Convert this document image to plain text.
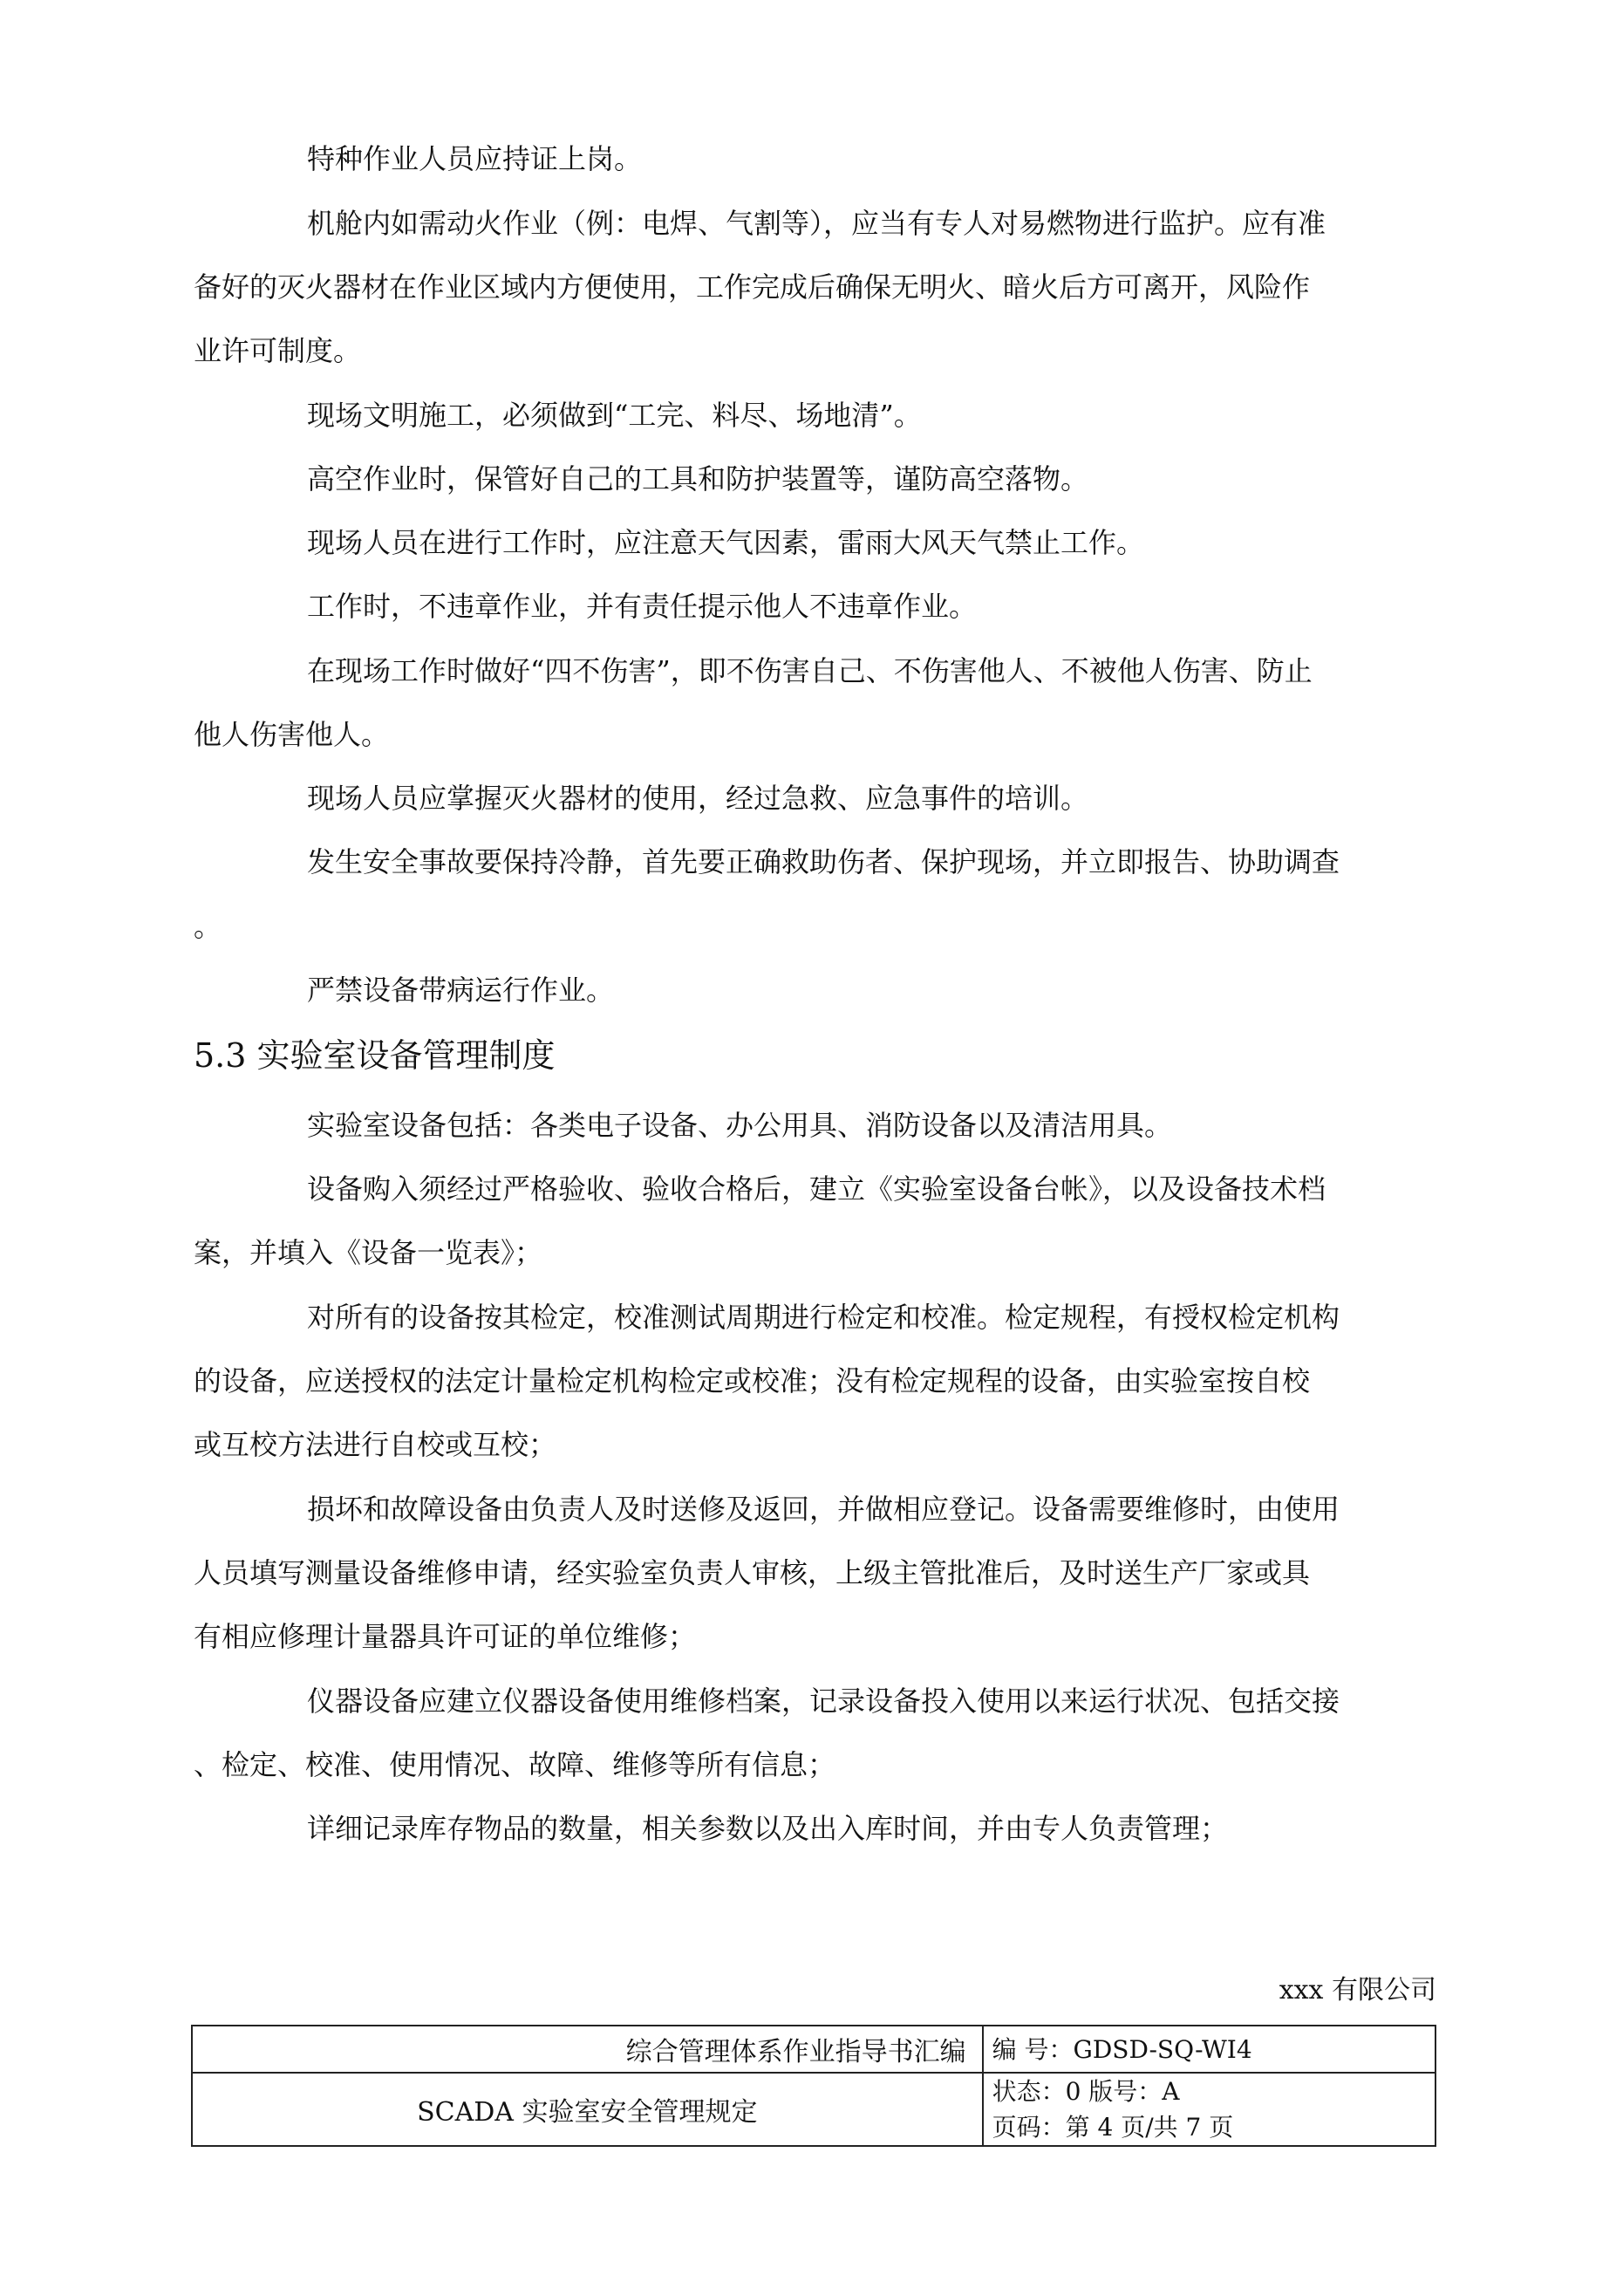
特种作业人员应持证上岗。

机舱内如需动火作业（例：电焊、气割等），应当有专人对易燃物进行监护。应有准

备好的灭火器材在作业区域内方便使用，工作完成后确保无明火、暗火后方可离开，风险作

业许可制度。

现场文明施工，必须做到“工完、料尽、场地清”。

高空作业时，保管好自己的工具和防护装置等，谨防高空落物。

现场人员在进行工作时，应注意天气因素，雷雨大风天气禁止工作。

工作时，不违章作业，并有责任提示他人不违章作业。

在现场工作时做好“四不伤害”，即不伤害自己、不伤害他人、不被他人伤害、防止

他人伤害他人。

现场人员应掌握灭火器材的使用，经过急救、应急事件的培训。

发生安全事故要保持冷静，首先要正确救助伤者、保护现场，并立即报告、协助调查

。

严禁设备带病运行作业。

5.3 实验室设备管理制度

实验室设备包括：各类电子设备、办公用具、消防设备以及清洁用具。

设备购入须经过严格验收、验收合格后，建立《实验室设备台帐》，以及设备技术档

案，并填入《设备一览表》；

对所有的设备按其检定，校准测试周期进行检定和校准。检定规程，有授权检定机构

的设备，应送授权的法定计量检定机构检定或校准；没有检定规程的设备，由实验室按自校

或互校方法进行自校或互校；

损坏和故障设备由负责人及时送修及返回，并做相应登记。设备需要维修时，由使用

人员填写测量设备维修申请，经实验室负责人审核，上级主管批准后，及时送生产厂家或具

有相应修理计量器具许可证的单位维修；

仪器设备应建立仪器设备使用维修档案，记录设备投入使用以来运行状况、包括交接

、检定、校准、使用情况、故障、维修等所有信息；

详细记录库存物品的数量，相关参数以及出入库时间，并由专人负责管理；

xxx 有限公司
综合管理体系作业指导书汇编	编 号：GDSD-SQ-WI4
SCADA 实验室安全管理规定	状态：0 版号：A
页码：第 4 页/共 7 页
